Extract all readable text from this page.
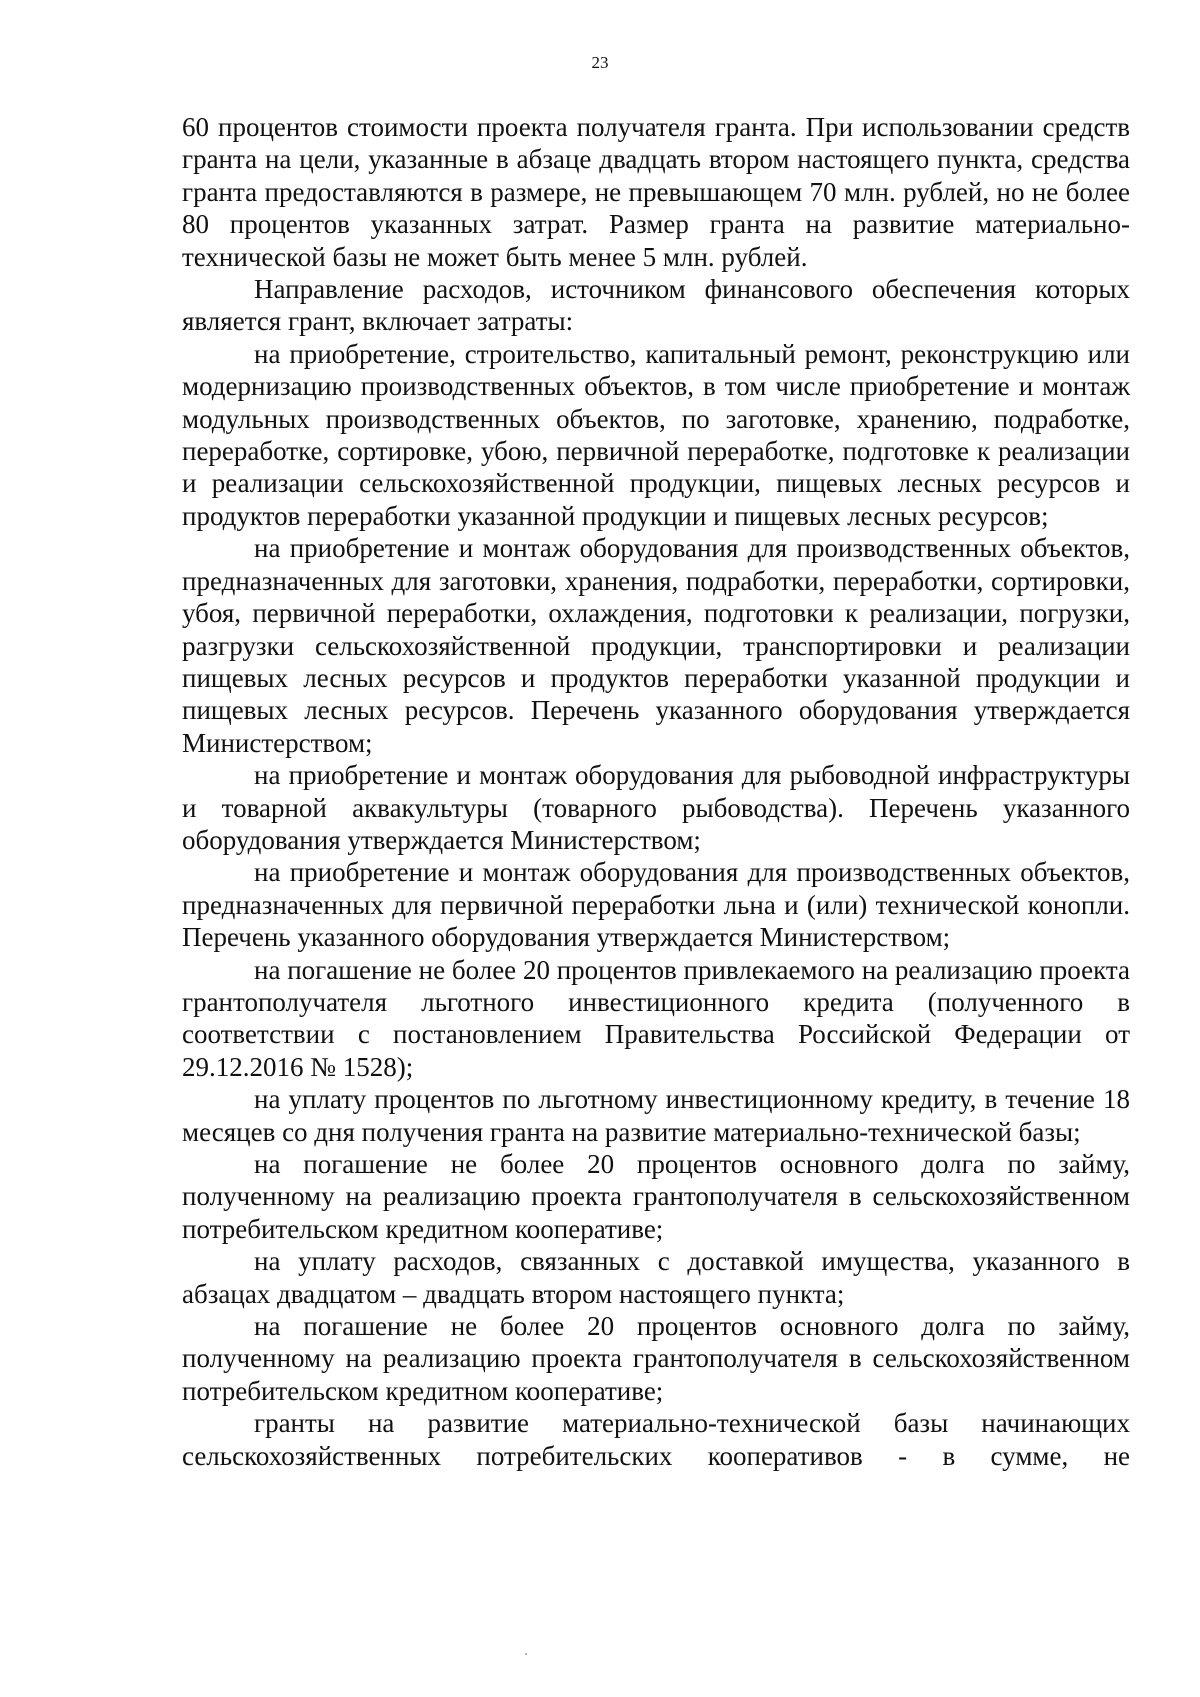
23

60 процентов стоимости проекта получателя гранта. При использовании средств гранта на цели, указанные в абзаце двадцать втором настоящего пункта, средства гранта предоставляются в размере, не превышающем 70 млн. рублей, но не более 80 процентов указанных затрат. Размер гранта на развитие материально-технической базы не может быть менее 5 млн. рублей.

Направление расходов, источником финансового обеспечения которых является грант, включает затраты:

на приобретение, строительство, капитальный ремонт, реконструкцию или модернизацию производственных объектов, в том числе приобретение и монтаж модульных производственных объектов, по заготовке, хранению, подработке, переработке, сортировке, убою, первичной переработке, подготовке к реализации и реализации сельскохозяйственной продукции, пищевых лесных ресурсов и продуктов переработки указанной продукции и пищевых лесных ресурсов;

на приобретение и монтаж оборудования для производственных объектов, предназначенных для заготовки, хранения, подработки, переработки, сортировки, убоя, первичной переработки, охлаждения, подготовки к реализации, погрузки, разгрузки сельскохозяйственной продукции, транспортировки и реализации пищевых лесных ресурсов и продуктов переработки указанной продукции и пищевых лесных ресурсов. Перечень указанного оборудования утверждается Министерством;

на приобретение и монтаж оборудования для рыбоводной инфраструктуры и товарной аквакультуры (товарного рыбоводства). Перечень указанного оборудования утверждается Министерством;

на приобретение и монтаж оборудования для производственных объектов, предназначенных для первичной переработки льна и (или) технической конопли. Перечень указанного оборудования утверждается Министерством;

на погашение не более 20 процентов привлекаемого на реализацию проекта грантополучателя льготного инвестиционного кредита (полученного в соответствии с постановлением Правительства Российской Федерации от 29.12.2016 № 1528);

на уплату процентов по льготному инвестиционному кредиту, в течение 18 месяцев со дня получения гранта на развитие материально-технической базы;

на погашение не более 20 процентов основного долга по займу, полученному на реализацию проекта грантополучателя в сельскохозяйственном потребительском кредитном кооперативе;

на уплату расходов, связанных с доставкой имущества, указанного в абзацах двадцатом – двадцать втором настоящего пункта;

на погашение не более 20 процентов основного долга по займу, полученному на реализацию проекта грантополучателя в сельскохозяйственном потребительском кредитном кооперативе;

гранты на развитие материально-технической базы начинающих сельскохозяйственных потребительских кооперативов - в сумме, не
